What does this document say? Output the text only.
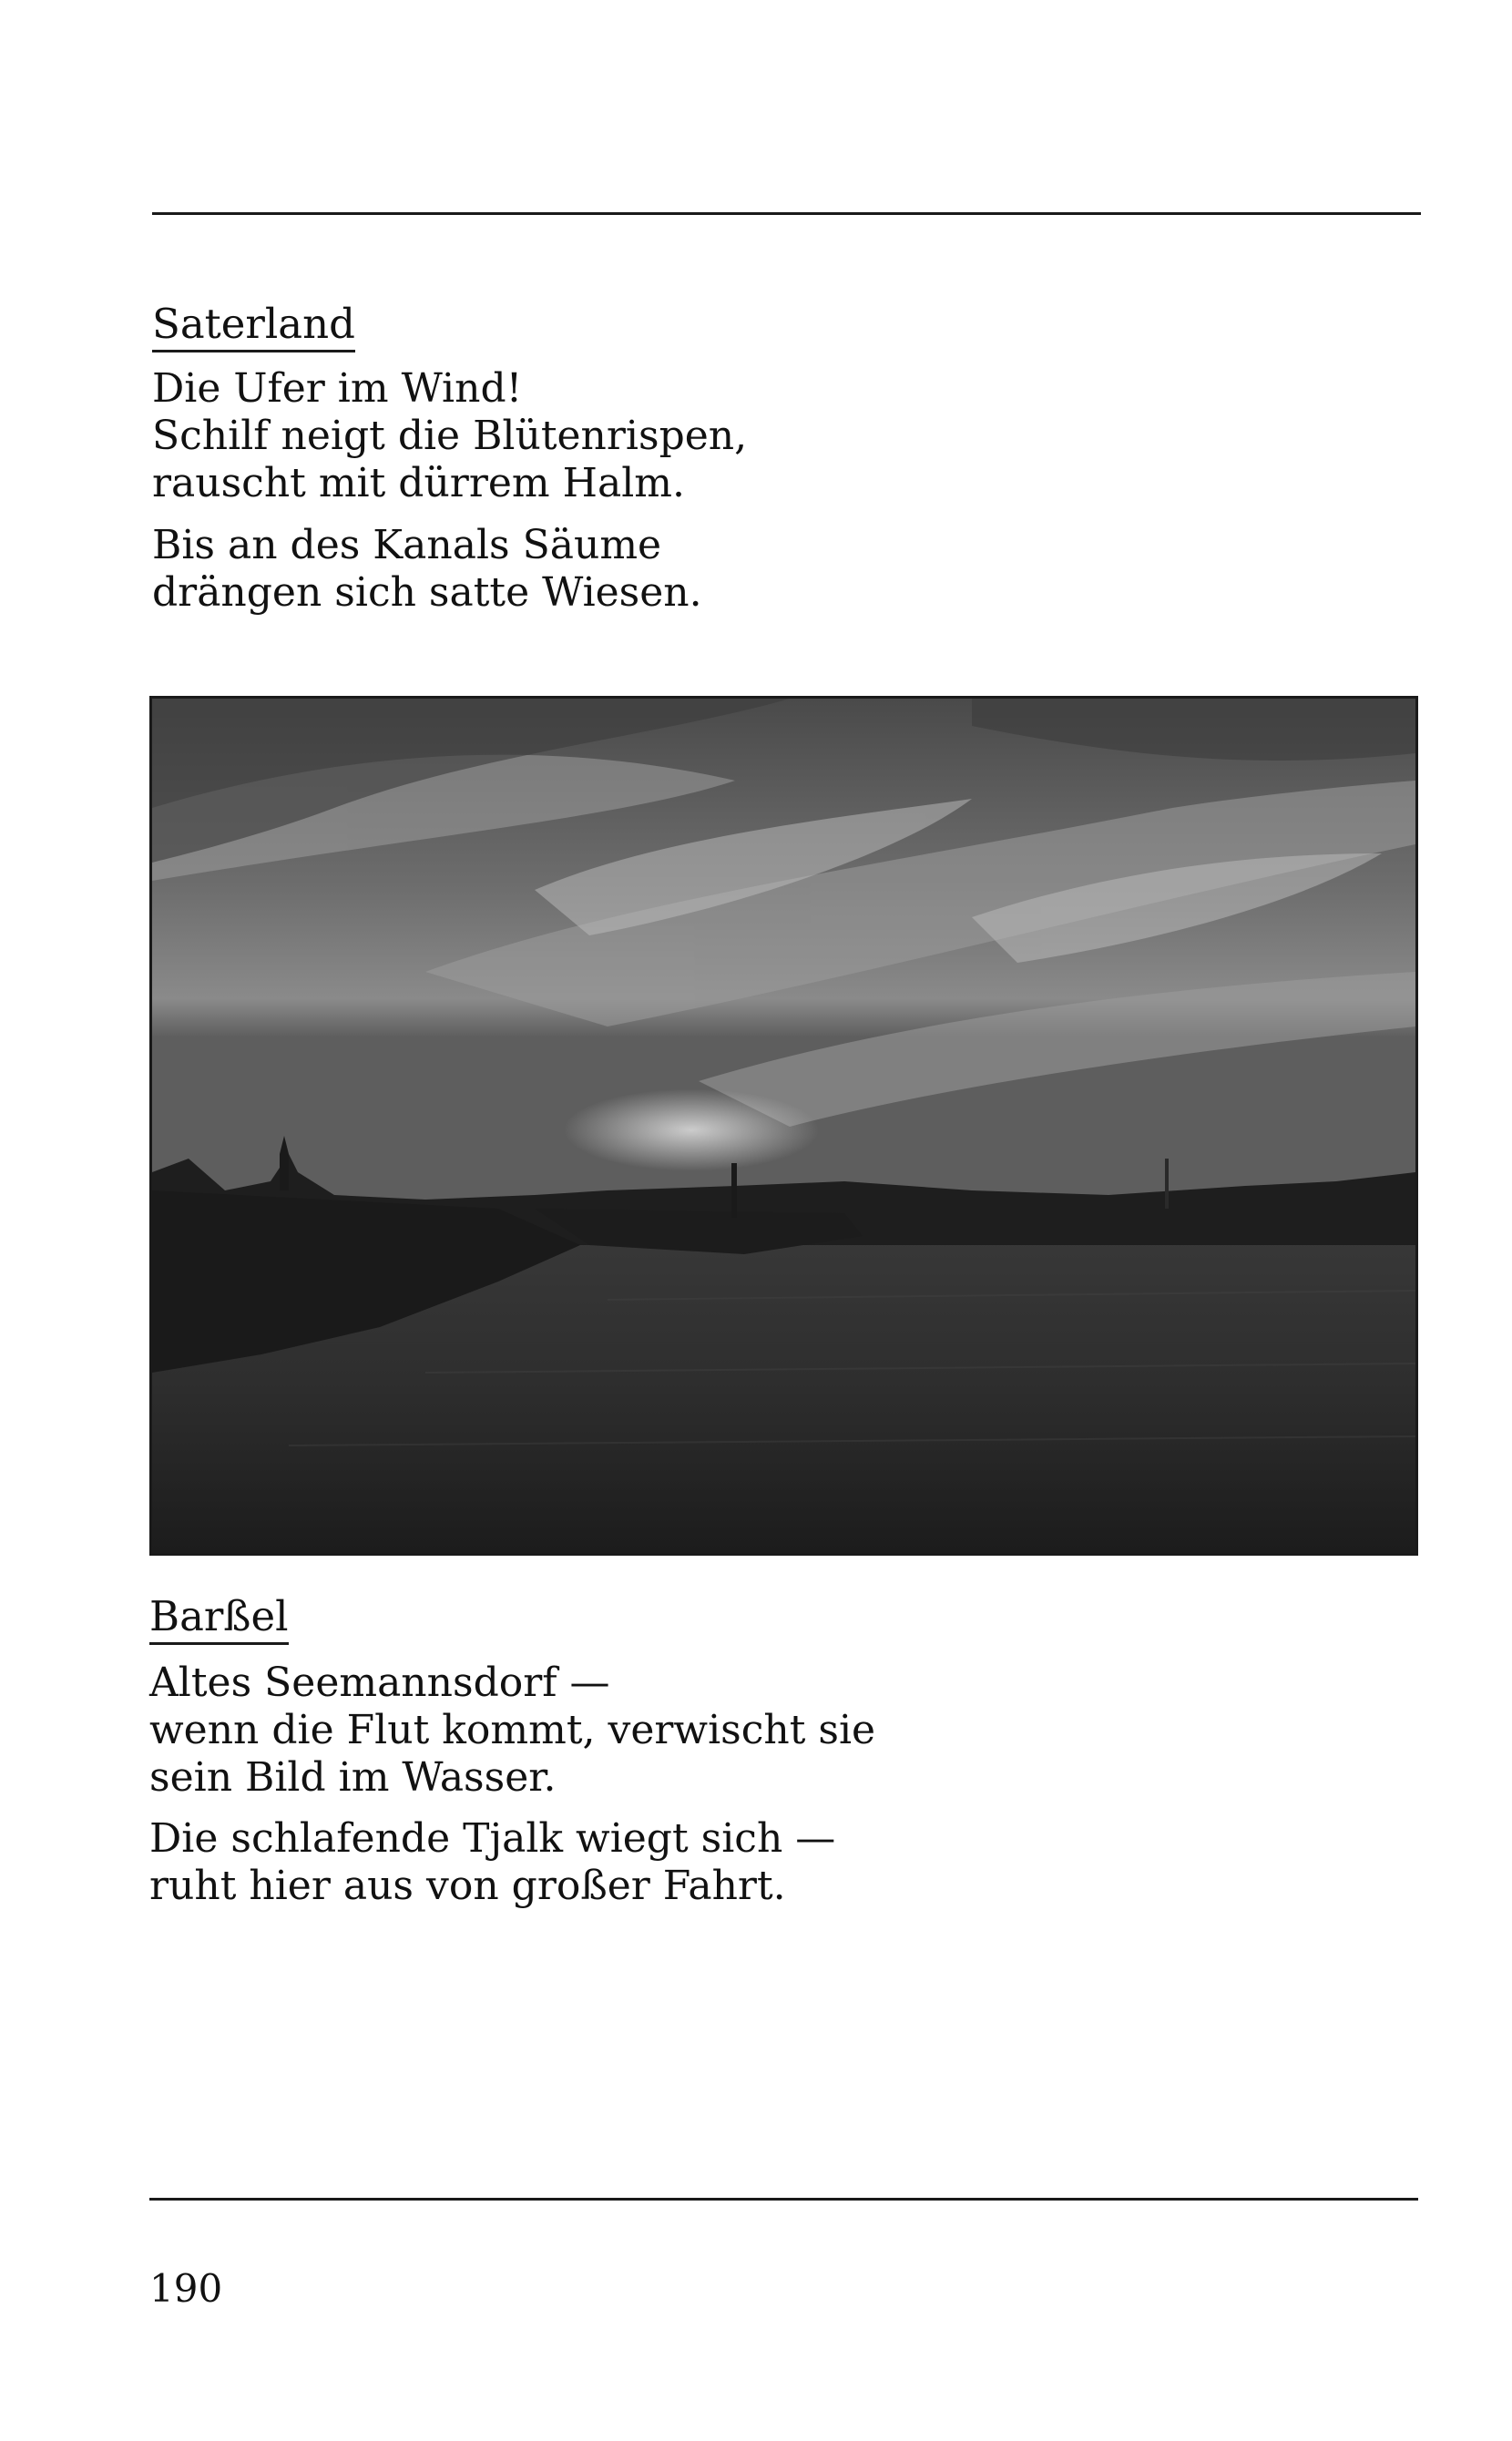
Saterland
Die Ufer im Wind!
Schilf neigt die Blütenrispen,
rauscht mit dürrem Halm.
Bis an des Kanals Säume
drängen sich satte Wiesen.
Barßel
Altes Seemannsdorf —
wenn die Flut kommt, verwischt sie
sein Bild im Wasser.
Die schlafende Tjalk wiegt sich —
ruht hier aus von großer Fahrt.
190
